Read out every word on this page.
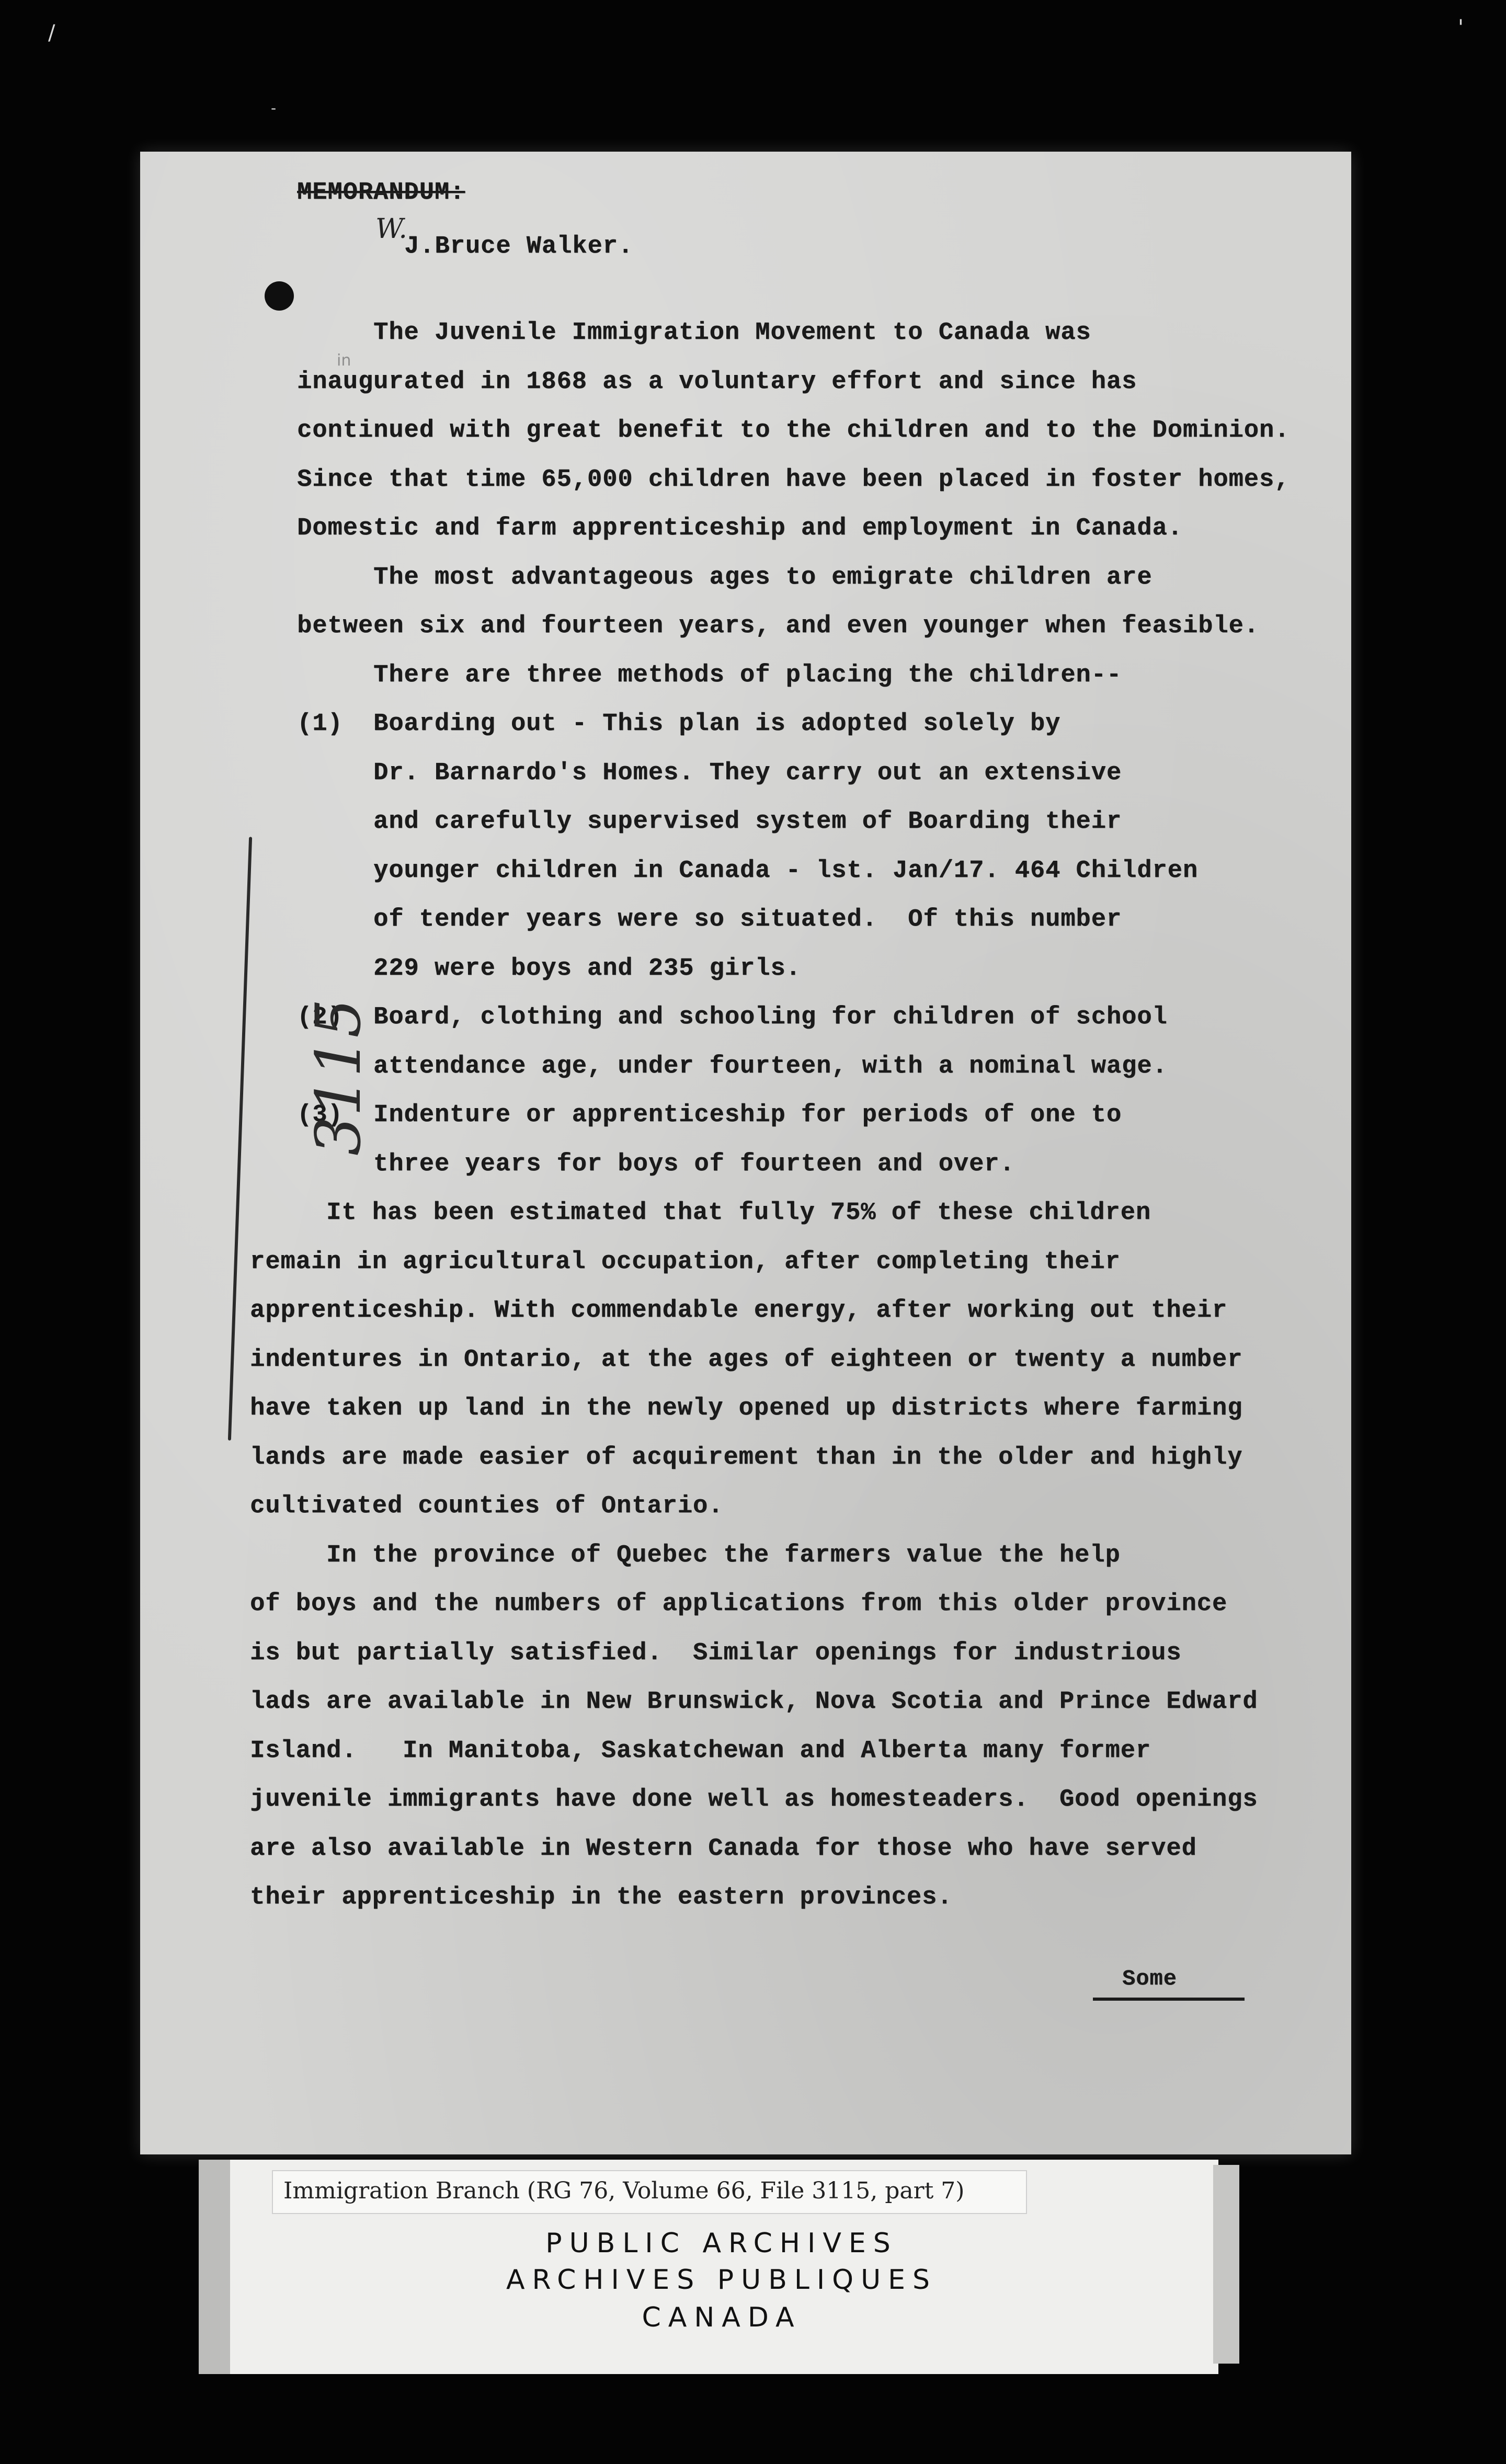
/
-
'
MEMORANDUM:
W.
J.Bruce Walker.
in
The Juvenile Immigration Movement to Canada was
inaugurated in 1868 as a voluntary effort and since has
continued with great benefit to the children and to the Dominion.
Since that time 65,000 children have been placed in foster homes,
Domestic and farm apprenticeship and employment in Canada.
The most advantageous ages to emigrate children are
between six and fourteen years, and even younger when feasible.
There are three methods of placing the children--
(1)  Boarding out - This plan is adopted solely by
Dr. Barnardo's Homes. They carry out an extensive
and carefully supervised system of Boarding their
younger children in Canada - lst. Jan/17. 464 Children
of tender years were so situated.  Of this number
229 were boys and 235 girls.
(2)  Board, clothing and schooling for children of school
attendance age, under fourteen, with a nominal wage.
(3)  Indenture or apprenticeship for periods of one to
three years for boys of fourteen and over.
It has been estimated that fully 75% of these children
remain in agricultural occupation, after completing their
apprenticeship. With commendable energy, after working out their
indentures in Ontario, at the ages of eighteen or twenty a number
have taken up land in the newly opened up districts where farming
lands are made easier of acquirement than in the older and highly
cultivated counties of Ontario.
In the province of Quebec the farmers value the help
of boys and the numbers of applications from this older province
is but partially satisfied.  Similar openings for industrious
lads are available in New Brunswick, Nova Scotia and Prince Edward
Island.   In Manitoba, Saskatchewan and Alberta many former
juvenile immigrants have done well as homesteaders.  Good openings
are also available in Western Canada for those who have served
their apprenticeship in the eastern provinces.
3115
Some
Immigration Branch (RG 76, Volume 66, File 3115, part 7)
PUBLIC ARCHIVES
ARCHIVES PUBLIQUES
CANADA
